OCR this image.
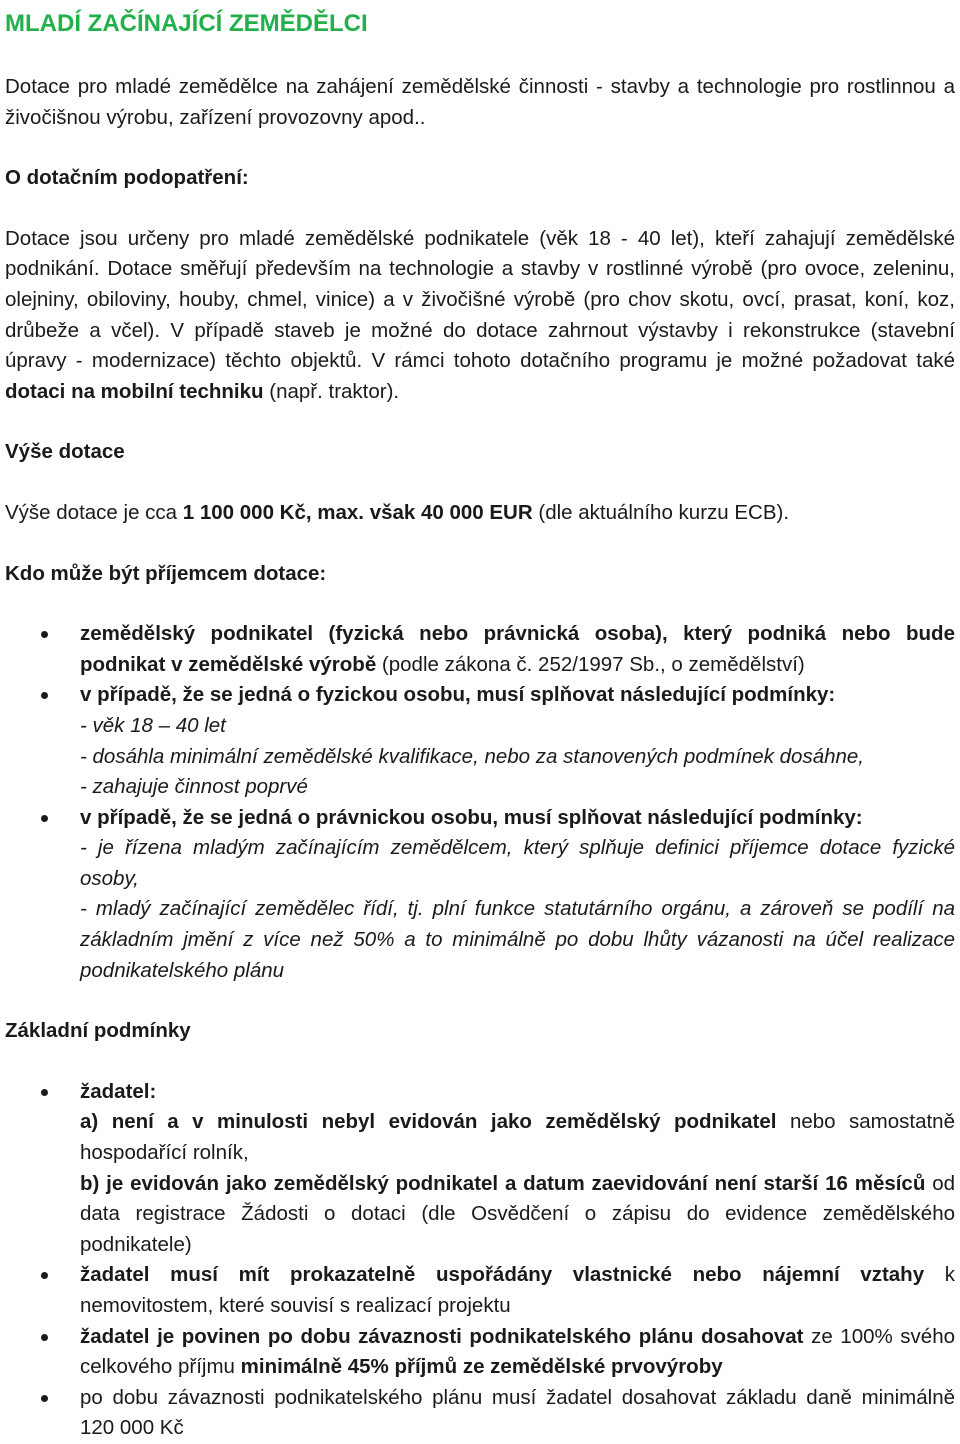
MLADÍ ZAČÍNAJÍCÍ ZEMĚDĚLCI

Dotace pro mladé zemědělce na zahájení zemědělské činnosti - stavby a technologie pro rostlinnou a živočišnou výrobu, zařízení provozovny apod..

O dotačním podopatření:

Dotace jsou určeny pro mladé zemědělské podnikatele (věk 18 - 40 let), kteří zahajují zemědělské podnikání. Dotace směřují především na technologie a stavby v rostlinné výrobě (pro ovoce, zeleninu, olejniny, obiloviny, houby, chmel, vinice) a v živočišné výrobě (pro chov skotu, ovcí, prasat, koní, koz, drůbeže a včel). V případě staveb je možné do dotace zahrnout výstavby i rekonstrukce (stavební úpravy - modernizace) těchto objektů. V rámci tohoto dotačního programu je možné požadovat také dotaci na mobilní techniku (např. traktor).

Výše dotace

Výše dotace je cca 1 100 000 Kč, max. však 40 000 EUR (dle aktuálního kurzu ECB).

Kdo může být příjemcem dotace:

zemědělský podnikatel (fyzická nebo právnická osoba), který podniká nebo bude podnikat v zemědělské výrobě (podle zákona č. 252/1997 Sb., o zemědělství)
v případě, že se jedná o fyzickou osobu, musí splňovat následující podmínky:
- věk 18 – 40 let
- dosáhla minimální zemědělské kvalifikace, nebo za stanovených podmínek dosáhne,
- zahajuje činnost poprvé
v případě, že se jedná o právnickou osobu, musí splňovat následující podmínky:
- je řízena mladým začínajícím zemědělcem, který splňuje definici příjemce dotace fyzické osoby,
- mladý začínající zemědělec řídí, tj. plní funkce statutárního orgánu, a zároveň se podílí na základním jmění z více než 50% a to minimálně po dobu lhůty vázanosti na účel realizace podnikatelského plánu

Základní podmínky

žadatel:
a) není a v minulosti nebyl evidován jako zemědělský podnikatel nebo samostatně hospodařící rolník,
b) je evidován jako zemědělský podnikatel a datum zaevidování není starší 16 měsíců od data registrace Žádosti o dotaci (dle Osvědčení o zápisu do evidence zemědělského podnikatele)
žadatel musí mít prokazatelně uspořádány vlastnické nebo nájemní vztahy k nemovitostem, které souvisí s realizací projektu
žadatel je povinen po dobu závaznosti podnikatelského plánu dosahovat ze 100% svého celkového příjmu minimálně 45% příjmů ze zemědělské prvovýroby
po dobu závaznosti podnikatelského plánu musí žadatel dosahovat základu daně minimálně 120 000 Kč
